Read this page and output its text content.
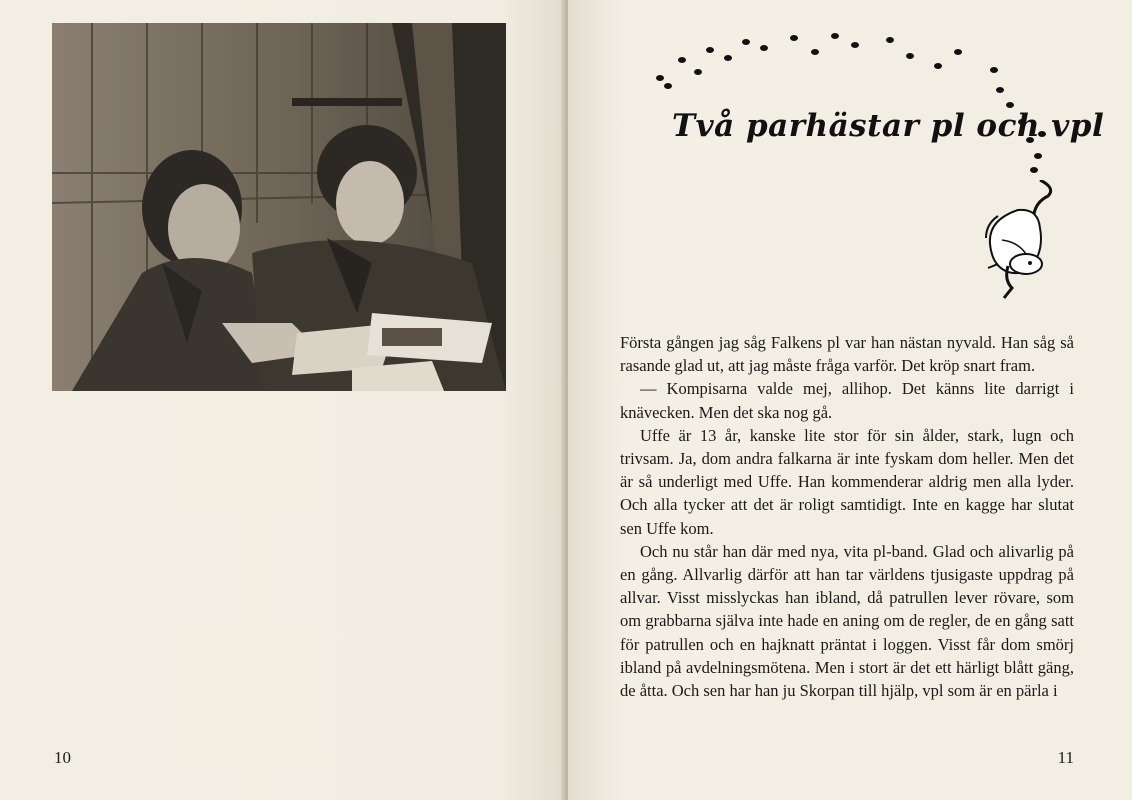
10
Två parhästar pl och vpl

Första gången jag såg Falkens pl var han nästan nyvald. Han såg så rasande glad ut, att jag måste fråga varför. Det kröp snart fram.

— Kompisarna valde mej, allihop. Det känns lite darrigt i knävecken. Men det ska nog gå.

Uffe är 13 år, kanske lite stor för sin ålder, stark, lugn och trivsam. Ja, dom andra falkarna är inte fyskam dom heller. Men det är så underligt med Uffe. Han kommenderar aldrig men alla lyder. Och alla tycker att det är roligt samtidigt. Inte en kagge har slutat sen Uffe kom.

Och nu står han där med nya, vita pl-band. Glad och alivarlig på en gång. Allvarlig därför att han tar världens tjusigaste uppdrag på allvar. Visst misslyckas han ibland, då patrullen lever rövare, som om grabbarna själva inte hade en aning om de regler, de en gång satt för patrullen och en hajknatt präntat i loggen. Visst får dom smörj ibland på avdelningsmötena. Men i stort är det ett härligt blått gäng, de åtta. Och sen har han ju Skorpan till hjälp, vpl som är en pärla i

11
